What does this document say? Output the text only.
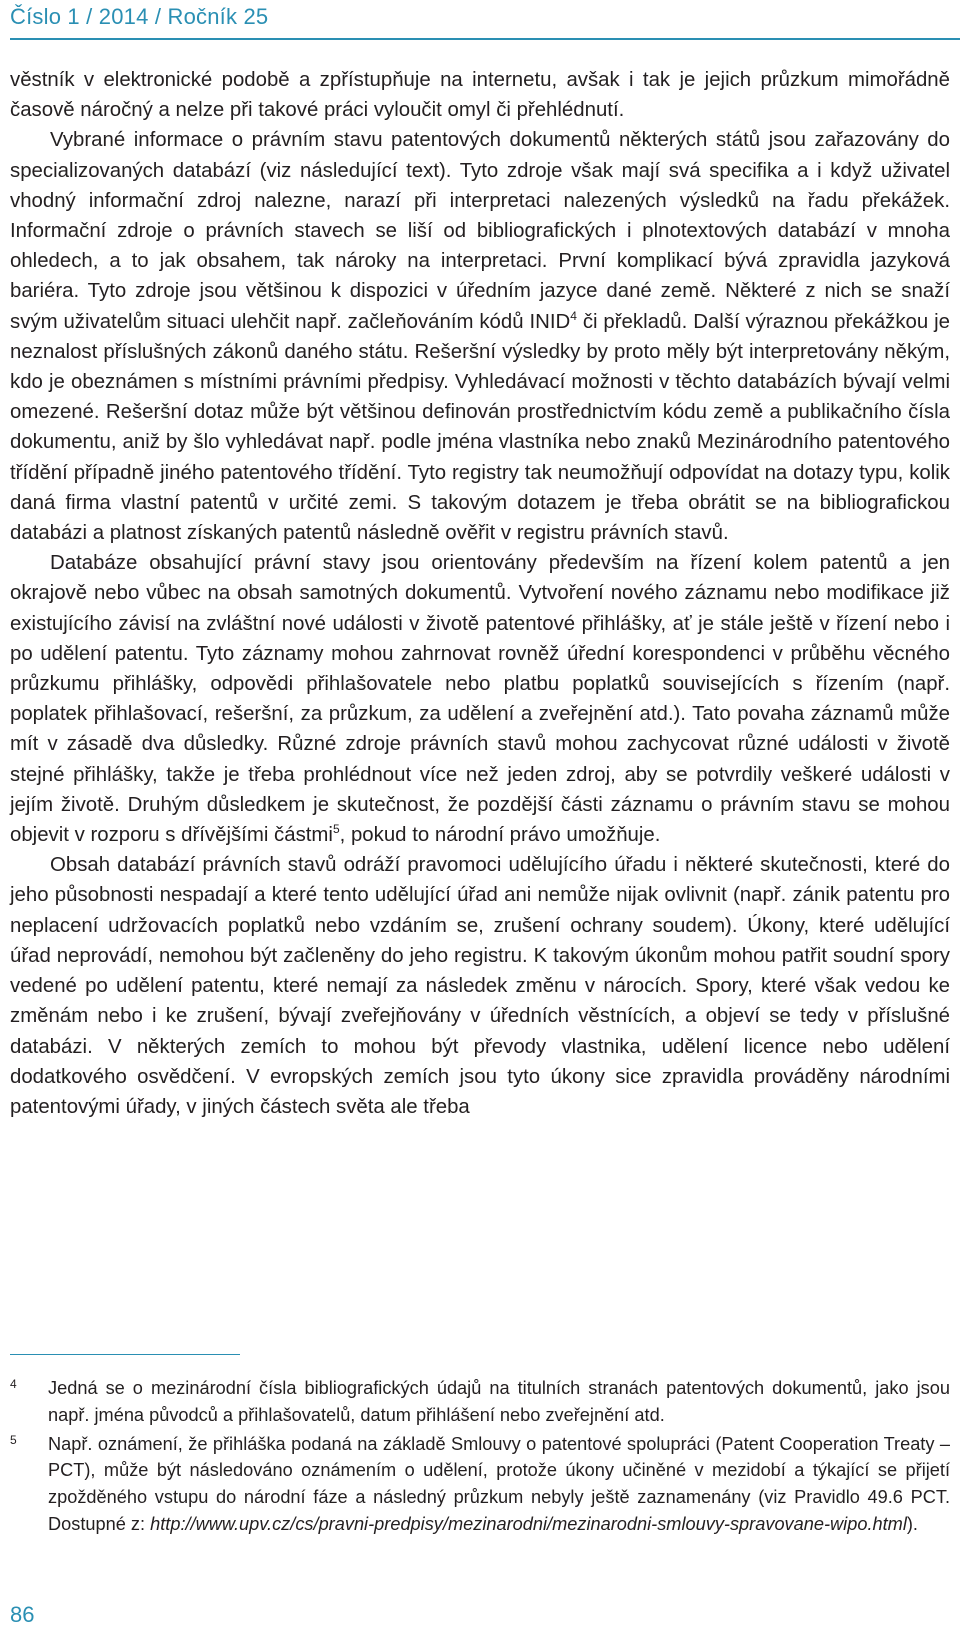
Číslo 1 / 2014 / Ročník 25

věstník v elektronické podobě a zpřístupňuje na internetu, avšak i tak je jejich průzkum mimořádně časově náročný a nelze při takové práci vyloučit omyl či přehlédnutí.

Vybrané informace o právním stavu patentových dokumentů některých států jsou zařazovány do specializovaných databází (viz následující text). Tyto zdroje však mají svá specifika a i když uživatel vhodný informační zdroj nalezne, narazí při interpretaci nalezených výsledků na řadu překážek. Informační zdroje o právních stavech se liší od bibliografických i plnotextových databází v mnoha ohledech, a to jak obsahem, tak nároky na interpretaci. První komplikací bývá zpravidla jazyková bariéra. Tyto zdroje jsou většinou k dispozici v úředním jazyce dané země. Některé z nich se snaží svým uživatelům situaci ulehčit např. začleňováním kódů INID$^4$ či překladů. Další výraznou překážkou je neznalost příslušných zákonů daného státu. Rešeršní výsledky by proto měly být interpretovány někým, kdo je obeznámen s místními právními předpisy. Vyhledávací možnosti v těchto databázích bývají velmi omezené. Rešeršní dotaz může být většinou definován prostřednictvím kódu země a publikačního čísla dokumentu, aniž by šlo vyhledávat např. podle jména vlastníka nebo znaků Mezinárodního patentového třídění případně jiného patentového třídění. Tyto registry tak neumožňují odpovídat na dotazy typu, kolik daná firma vlastní patentů v určité zemi. S takovým dotazem je třeba obrátit se na bibliografickou databázi a platnost získaných patentů následně ověřit v registru právních stavů.

Databáze obsahující právní stavy jsou orientovány především na řízení kolem patentů a jen okrajově nebo vůbec na obsah samotných dokumentů. Vytvoření nového záznamu nebo modifikace již existujícího závisí na zvláštní nové události v životě patentové přihlášky, ať je stále ještě v řízení nebo i po udělení patentu. Tyto záznamy mohou zahrnovat rovněž úřední korespondenci v průběhu věcného průzkumu přihlášky, odpovědi přihlašovatele nebo platbu poplatků souvisejících s řízením (např. poplatek přihlašovací, rešeršní, za průzkum, za udělení a zveřejnění atd.). Tato povaha záznamů může mít v zásadě dva důsledky. Různé zdroje právních stavů mohou zachycovat různé události v životě stejné přihlášky, takže je třeba prohlédnout více než jeden zdroj, aby se potvrdily veškeré události v jejím životě. Druhým důsledkem je skutečnost, že pozdější části záznamu o právním stavu se mohou objevit v rozporu s dřívějšími částmi$^5$, pokud to národní právo umožňuje.

Obsah databází právních stavů odráží pravomoci udělujícího úřadu i některé skutečnosti, které do jeho působnosti nespadají a které tento udělující úřad ani nemůže nijak ovlivnit (např. zánik patentu pro neplacení udržovacích poplatků nebo vzdáním se, zrušení ochrany soudem). Úkony, které udělující úřad neprovádí, nemohou být začleněny do jeho registru. K takovým úkonům mohou patřit soudní spory vedené po udělení patentu, které nemají za následek změnu v nárocích. Spory, které však vedou ke změnám nebo i ke zrušení, bývají zveřejňovány v úředních věstnících, a objeví se tedy v příslušné databázi. V některých zemích to mohou být převody vlastnika, udělení licence nebo udělení dodatkového osvědčení. V evropských zemích jsou tyto úkony sice zpravidla prováděny národními patentovými úřady, v jiných částech světa ale třeba

4 Jedná se o mezinárodní čísla bibliografických údajů na titulních stranách patentových dokumentů, jako jsou např. jména původců a přihlašovatelů, datum přihlášení nebo zveřejnění atd.
5 Např. oznámení, že přihláška podaná na základě Smlouvy o patentové spolupráci (Patent Cooperation Treaty – PCT), může být následováno oznámením o udělení, protože úkony učiněné v mezidobí a týkající se přijetí zpožděného vstupu do národní fáze a následný průzkum nebyly ještě zaznamenány (viz Pravidlo 49.6 PCT. Dostupné z: http://www.upv.cz/cs/pravni-predpisy/mezinarodni/mezinarodni-smlouvy-spravovane-wipo.html).
86
